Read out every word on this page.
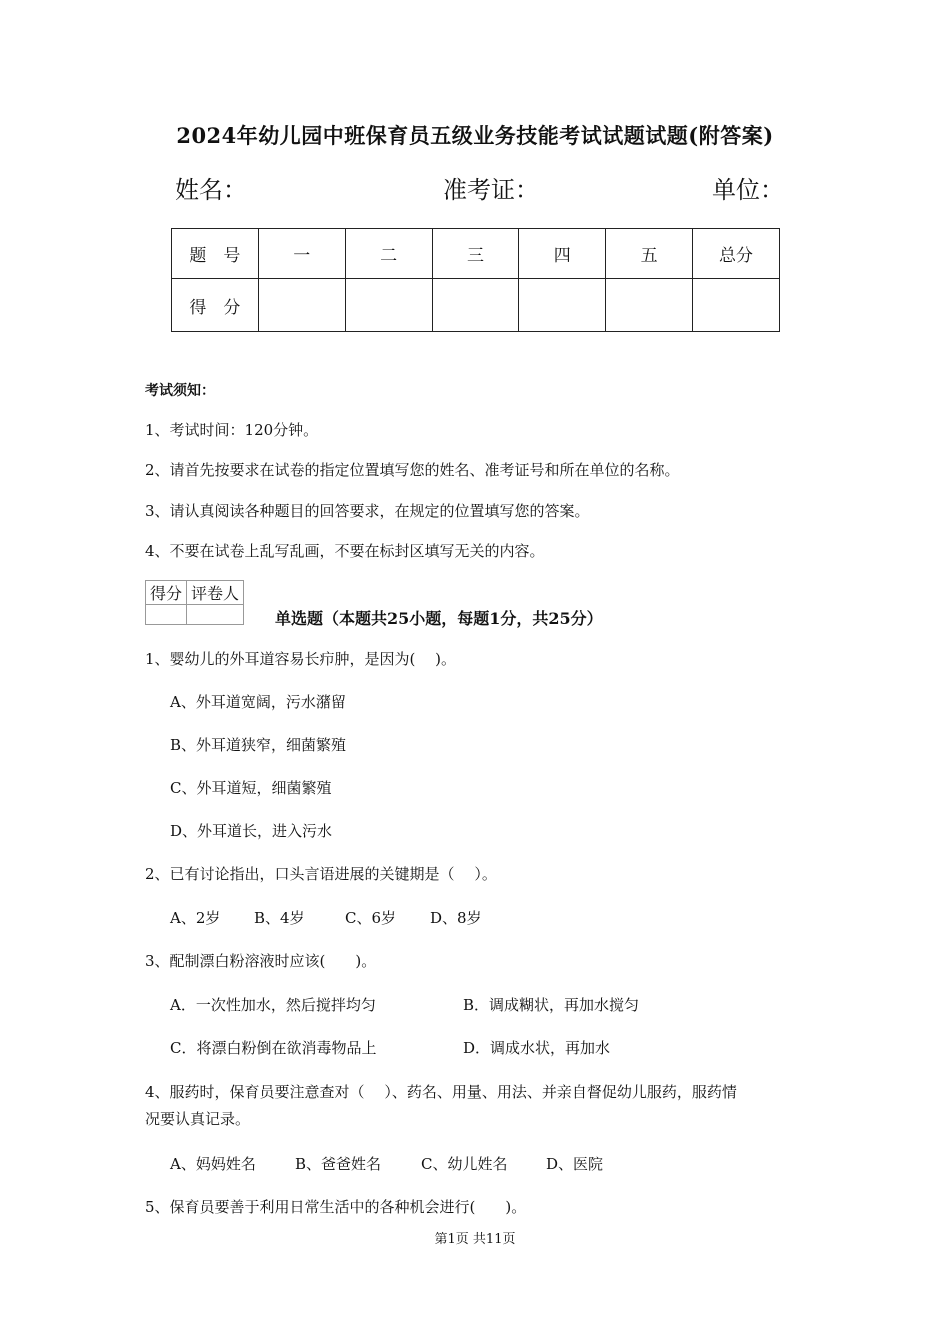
2024年幼儿园中班保育员五级业务技能考试试题试题(附答案)
姓名：	准考证：	单位：
题　号	一	二	三	四	五	总分
得　分						
考试须知：
1、考试时间：120分钟。
2、请首先按要求在试卷的指定位置填写您的姓名、准考证号和所在单位的名称。
3、请认真阅读各种题目的回答要求，在规定的位置填写您的答案。
4、不要在试卷上乱写乱画，不要在标封区填写无关的内容。
得分	评卷人

单选题（本题共25小题，每题1分，共25分）
1、婴幼儿的外耳道容易长疖肿，是因为(　 )。
A、外耳道宽阔，污水潴留
B、外耳道狭窄，细菌繁殖
C、外耳道短，细菌繁殖
D、外耳道长，进入污水
2、已有讨论指出，口头言语进展的关键期是（　 ）。
A、2岁 B、4岁	C、6岁 D、8岁
3、配制漂白粉溶液时应该(　　)。
A．一次性加水，然后搅拌均匀	B．调成糊状，再加水搅匀
C．将漂白粉倒在欲消毒物品上	D．调成水状，再加水
4、服药时，保育员要注意查对（　 ）、药名、用量、用法、并亲自督促幼儿服药，服药情
况要认真记录。
A、妈妈姓名	B、爸爸姓名	C、幼儿姓名	D、医院
5、保育员要善于利用日常生活中的各种机会进行(　　)。
第1页 共11页
